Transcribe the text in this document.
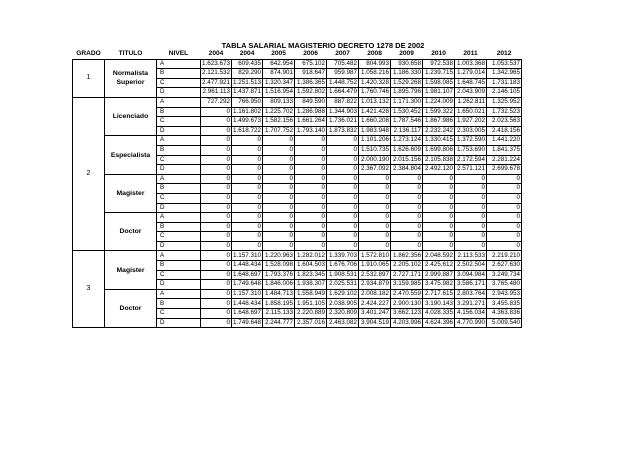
TABLA SALARIAL MAGISTERIO DECRETO 1278 DE 2002
GRADO	TITULO	NIVEL	2004	2004	2005	2006	2007	2008	2009	2010	2011	2012
1	Normalista Superior	A	1.623.673	609.435	642.954	675.102	705.482	804.993	930.658	972.538	1.003.368	1.053.537
		B	2.121.532	829.290	874.901	918.647	959.987	1.058.216	1.186.330	1.239.715	1.279.014	1.342.965
		C	2.477.921	1.251.513	1.320.347	1.386.365	1.448.752	1.420.328	1.529.268	1.598.085	1.648.745	1.731.183
		D	2.961.113	1.437.871	1.516.954	1.592.802	1.664.479	1.760.746	1.895.796	1.981.107	2.043.909	2.146.105
2	Licenciado	A	727.292	766.950	809.133	849.590	887.822	1.013.132	1.171.300	1.224.009	1.262.811	1.325.952
		B	0	1.161.802	1.225.702	1.286.988	1.344.903	1.421.428	1.530.452	1.599.322	1.650.021	1.732.523
		C	0	1.499.673	1.582.156	1.661.264	1.736.021	1.660.208	1.787.546	1.867.986	1.927.202	2.023.563
		D	0	1.618.722	1.707.752	1.793.140	1.873.832	1.983.948	2.136.117	2.232.242	2.303.005	2.418.156
	Especialista	A	0	0	0	0	0	1.101.206	1.273.124	1.330.415	1.372.590	1.441.220
		B	0	0	0	0	0	1.510.735	1.626.609	1.699.806	1.753.690	1.841.375
		C	0	0	0	0	0	2.000.190	2.015.156	2.105.838	2.172.594	2.281.224
		D	0	0	0	0	0	2.367.092	2.384.804	2.492.120	2.571.121	2.699.678
	Magister	A	0	0	0	0	0	0	0	0	0	0
		B	0	0	0	0	0	0	0	0	0	0
		C	0	0	0	0	0	0	0	0	0	0
		D	0	0	0	0	0	0	0	0	0	0
	Doctor	A	0	0	0	0	0	0	0	0	0	0
		B	0	0	0	0	0	0	0	0	0	0
		C	0	0	0	0	0	0	0	0	0	0
		D	0	0	0	0	0	0	0	0	0	0
3	Magister	A	0	1.157.310	1.220.963	1.282.012	1.339.703	1.572.810	1.862.356	2.048.592	2.113.533	2.219.210
		B	0	1.448.434	1.528.098	1.604.503	1.676.706	1.910.065	2.205.102	2.425.612	2.502.504	2.627.630
		C	0	1.648.697	1.793.376	1.823.345	1.908.531	2.532.897	2.727.171	2.999.887	3.094.984	3.249.734
		D	0	1.749.648	1.846.006	1.938.307	2.025.531	2.934.879	3.159.985	3.475.982	3.586.171	3.765.480
	Doctor	A	0	1.157.310	1.484.713	1.558.949	1.629.102	2.008.182	2.470.559	2.717.615	2.803.764	2.943.953
		B	0	1.448.434	1.858.195	1.951.105	2.038.905	2.424.227	2.900.130	3.190.143	3.291.271	3.455.835
		C	0	1.648.697	2.115.133	2.220.889	2.320.809	3.401.247	3.662.123	4.028.335	4.156.034	4.363.836
		D	0	1.749.648	2.244.777	2.357.016	2.463.082	3.904.519	4.203.996	4.624.396	4.770.990	5.009.540
